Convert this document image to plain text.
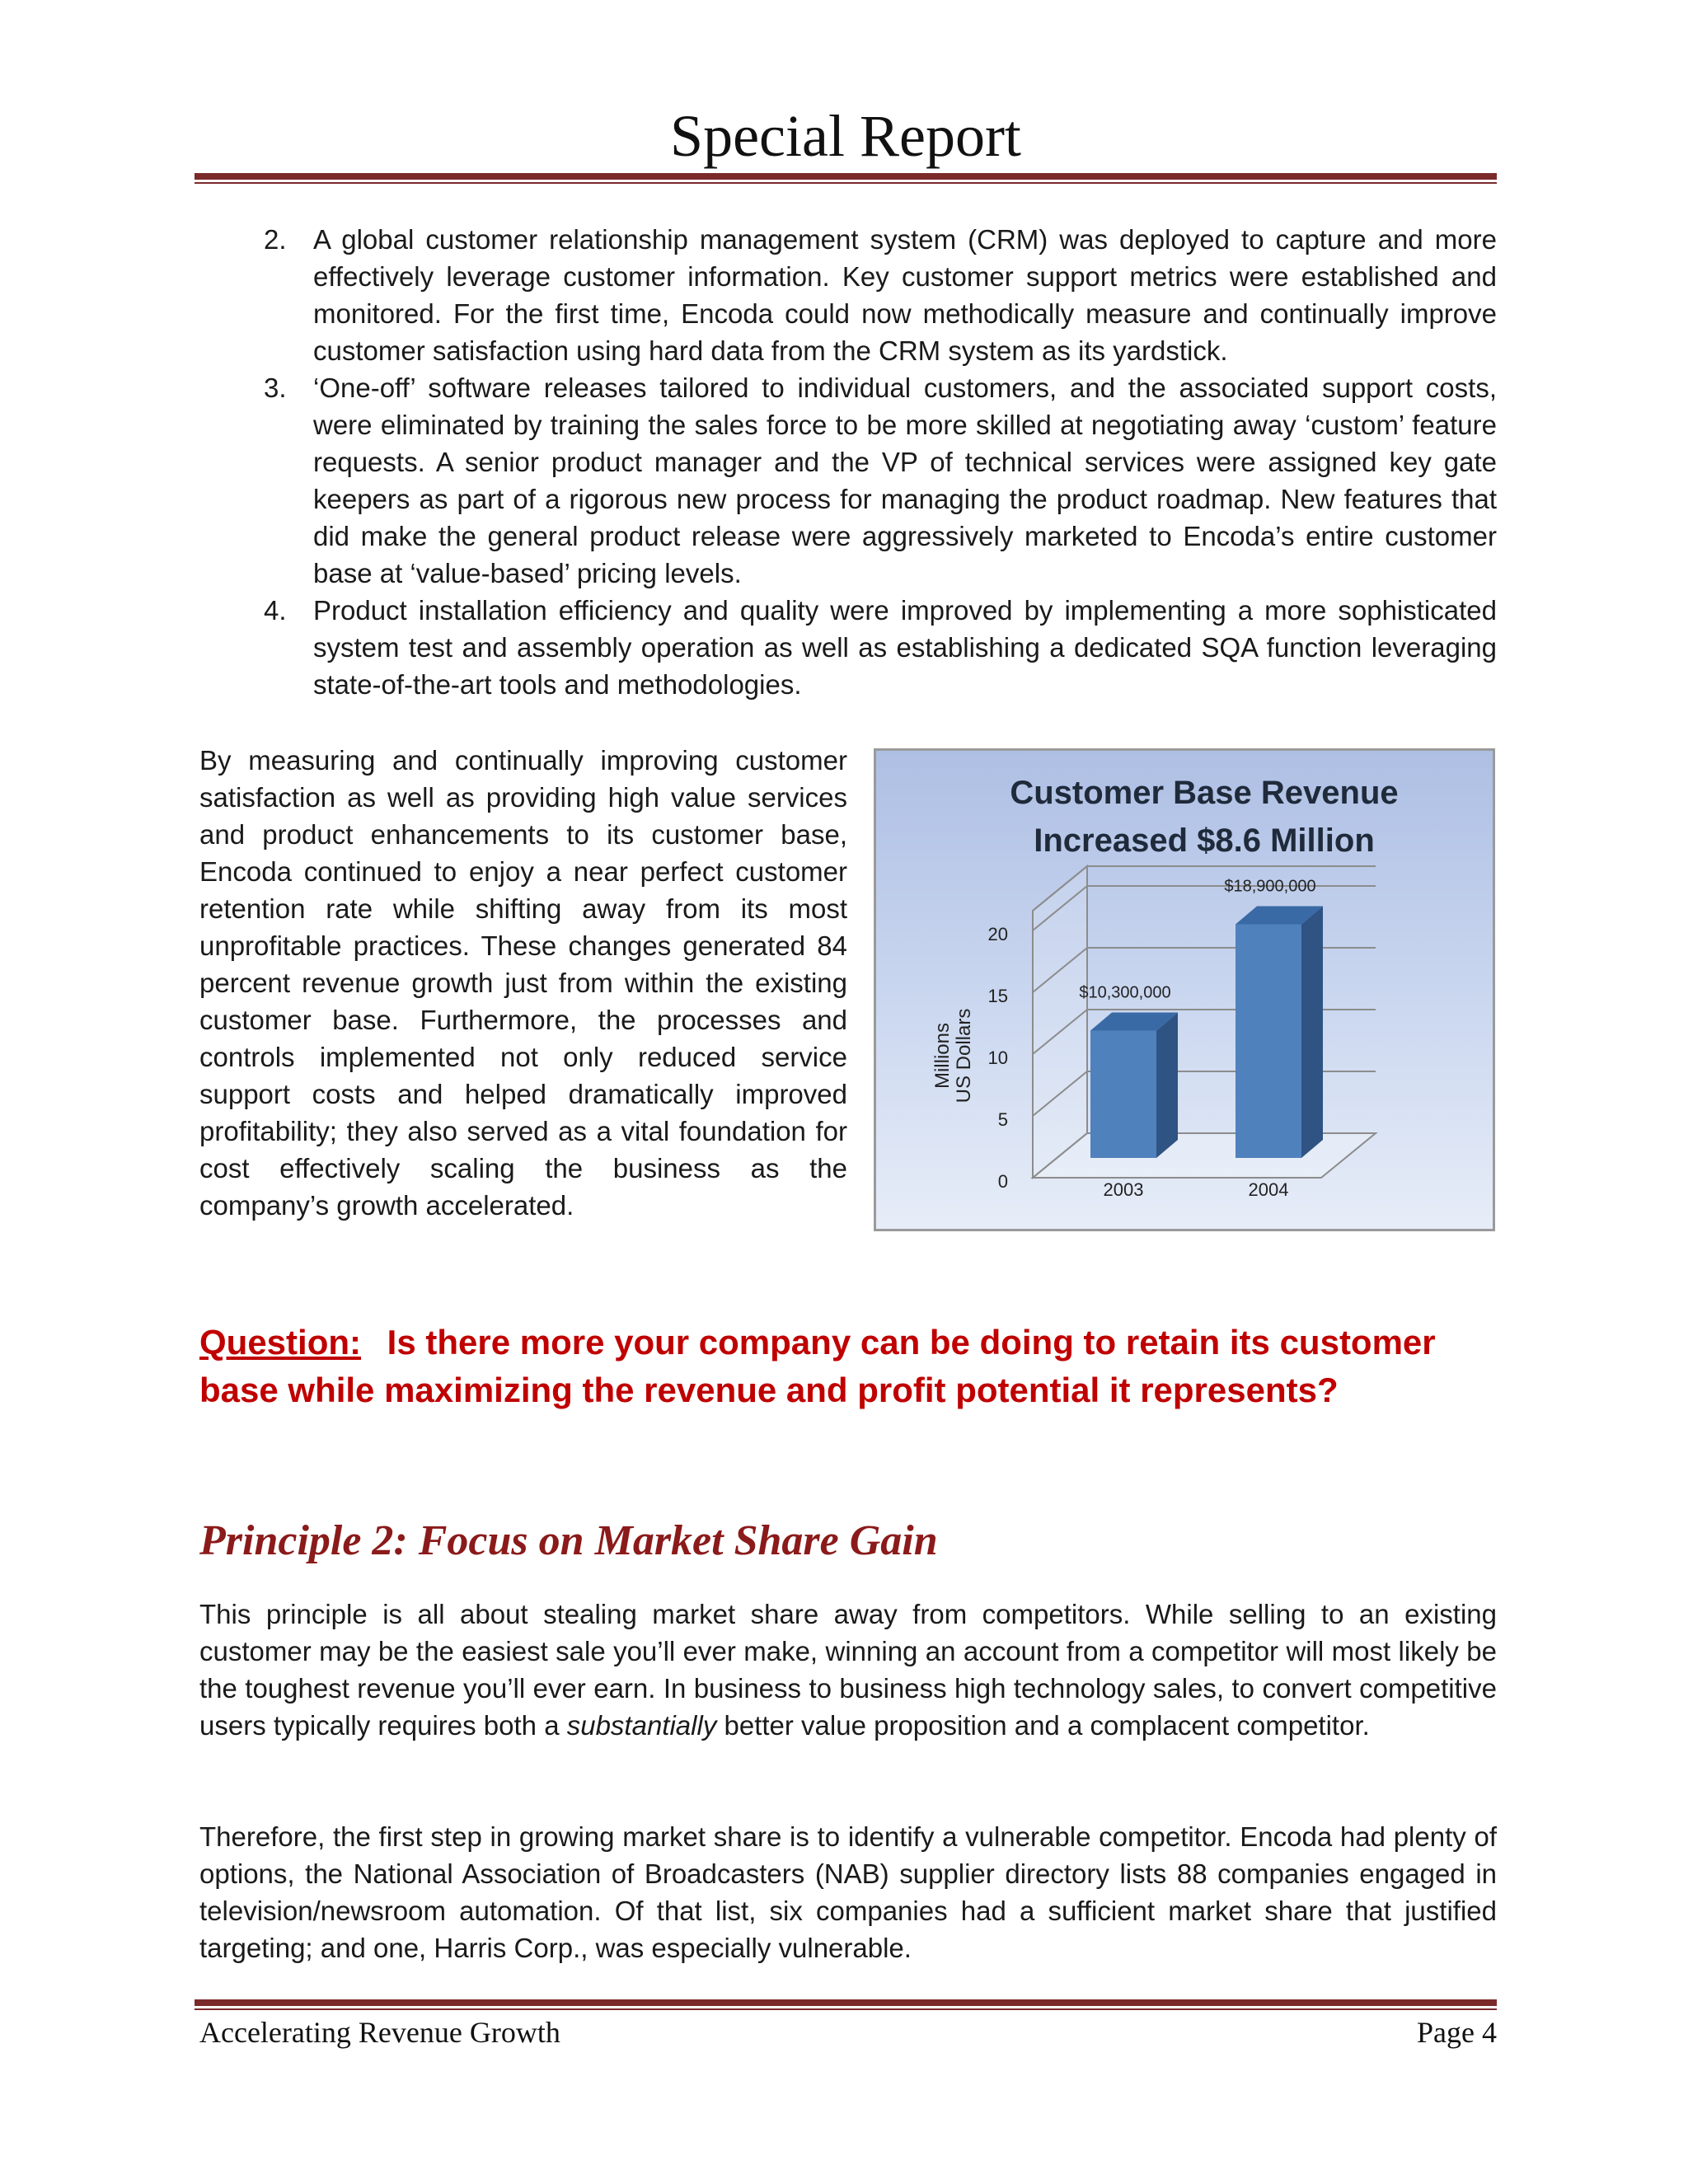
Special Report
2. A global customer relationship management system (CRM) was deployed to capture and more effectively leverage customer information. Key customer support metrics were established and monitored. For the first time, Encoda could now methodically measure and continually improve customer satisfaction using hard data from the CRM system as its yardstick.
3. ‘One-off’ software releases tailored to individual customers, and the associated support costs, were eliminated by training the sales force to be more skilled at negotiating away ‘custom’ feature requests. A senior product manager and the VP of technical services were assigned key gate keepers as part of a rigorous new process for managing the product roadmap. New features that did make the general product release were aggressively marketed to Encoda’s entire customer base at ‘value-based’ pricing levels.
4. Product installation efficiency and quality were improved by implementing a more sophisticated system test and assembly operation as well as establishing a dedicated SQA function leveraging state-of-the-art tools and methodologies.
By measuring and continually improving customer satisfaction as well as providing high value services and product enhancements to its customer base, Encoda continued to enjoy a near perfect customer retention rate while shifting away from its most unprofitable practices. These changes generated 84 percent revenue growth just from within the existing customer base. Furthermore, the processes and controls implemented not only reduced service support costs and helped dramatically improved profitability; they also served as a vital foundation for cost effectively scaling the business as the company’s growth accelerated.
Customer Base Revenue
Increased $8.6 Million
0
5
10
15
20
Millions US Dollars
$10,300,000
2003
$18,900,000
2004
Question: Is there more your company can be doing to retain its customer base while maximizing the revenue and profit potential it represents?
Principle 2: Focus on Market Share Gain
This principle is all about stealing market share away from competitors. While selling to an existing customer may be the easiest sale you’ll ever make, winning an account from a competitor will most likely be the toughest revenue you’ll ever earn. In business to business high technology sales, to convert competitive users typically requires both a substantially better value proposition and a complacent competitor.
Therefore, the first step in growing market share is to identify a vulnerable competitor. Encoda had plenty of options, the National Association of Broadcasters (NAB) supplier directory lists 88 companies engaged in television/newsroom automation. Of that list, six companies had a sufficient market share that justified targeting; and one, Harris Corp., was especially vulnerable.
Accelerating Revenue Growth	Page 4
